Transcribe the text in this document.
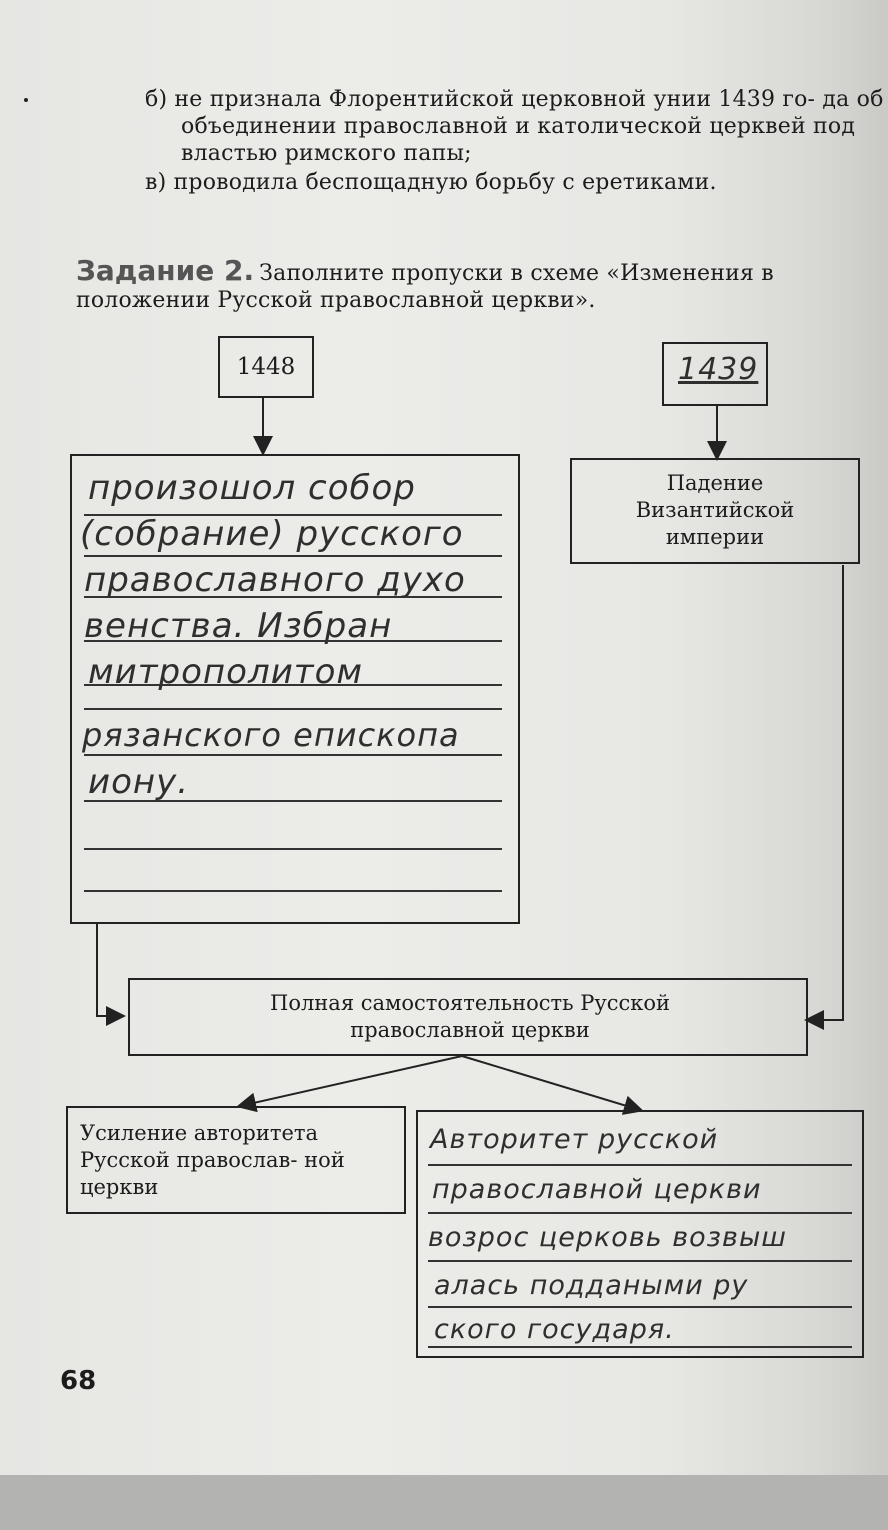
б) не признала Флорентийской церковной унии 1439 го- да об объединении православной и католической церквей под властью римского папы;
в) проводила беспощадную борьбу с еретиками.
Задание 2. Заполните пропуски в схеме «Изменения в положении Русской православной церкви».
1448	1439
Падение Византийской империи
произошол собор
(собрание) русского
православного духо
венства. Избран
митрополитом
рязанского епископа
иону.
Полная самостоятельность Русской православной церкви
Усиление авторитета Русской православ- ной церкви
Авторитет русской
православной церкви
возрос церковь возвыш
алась поддаными ру
ского государя.
68
